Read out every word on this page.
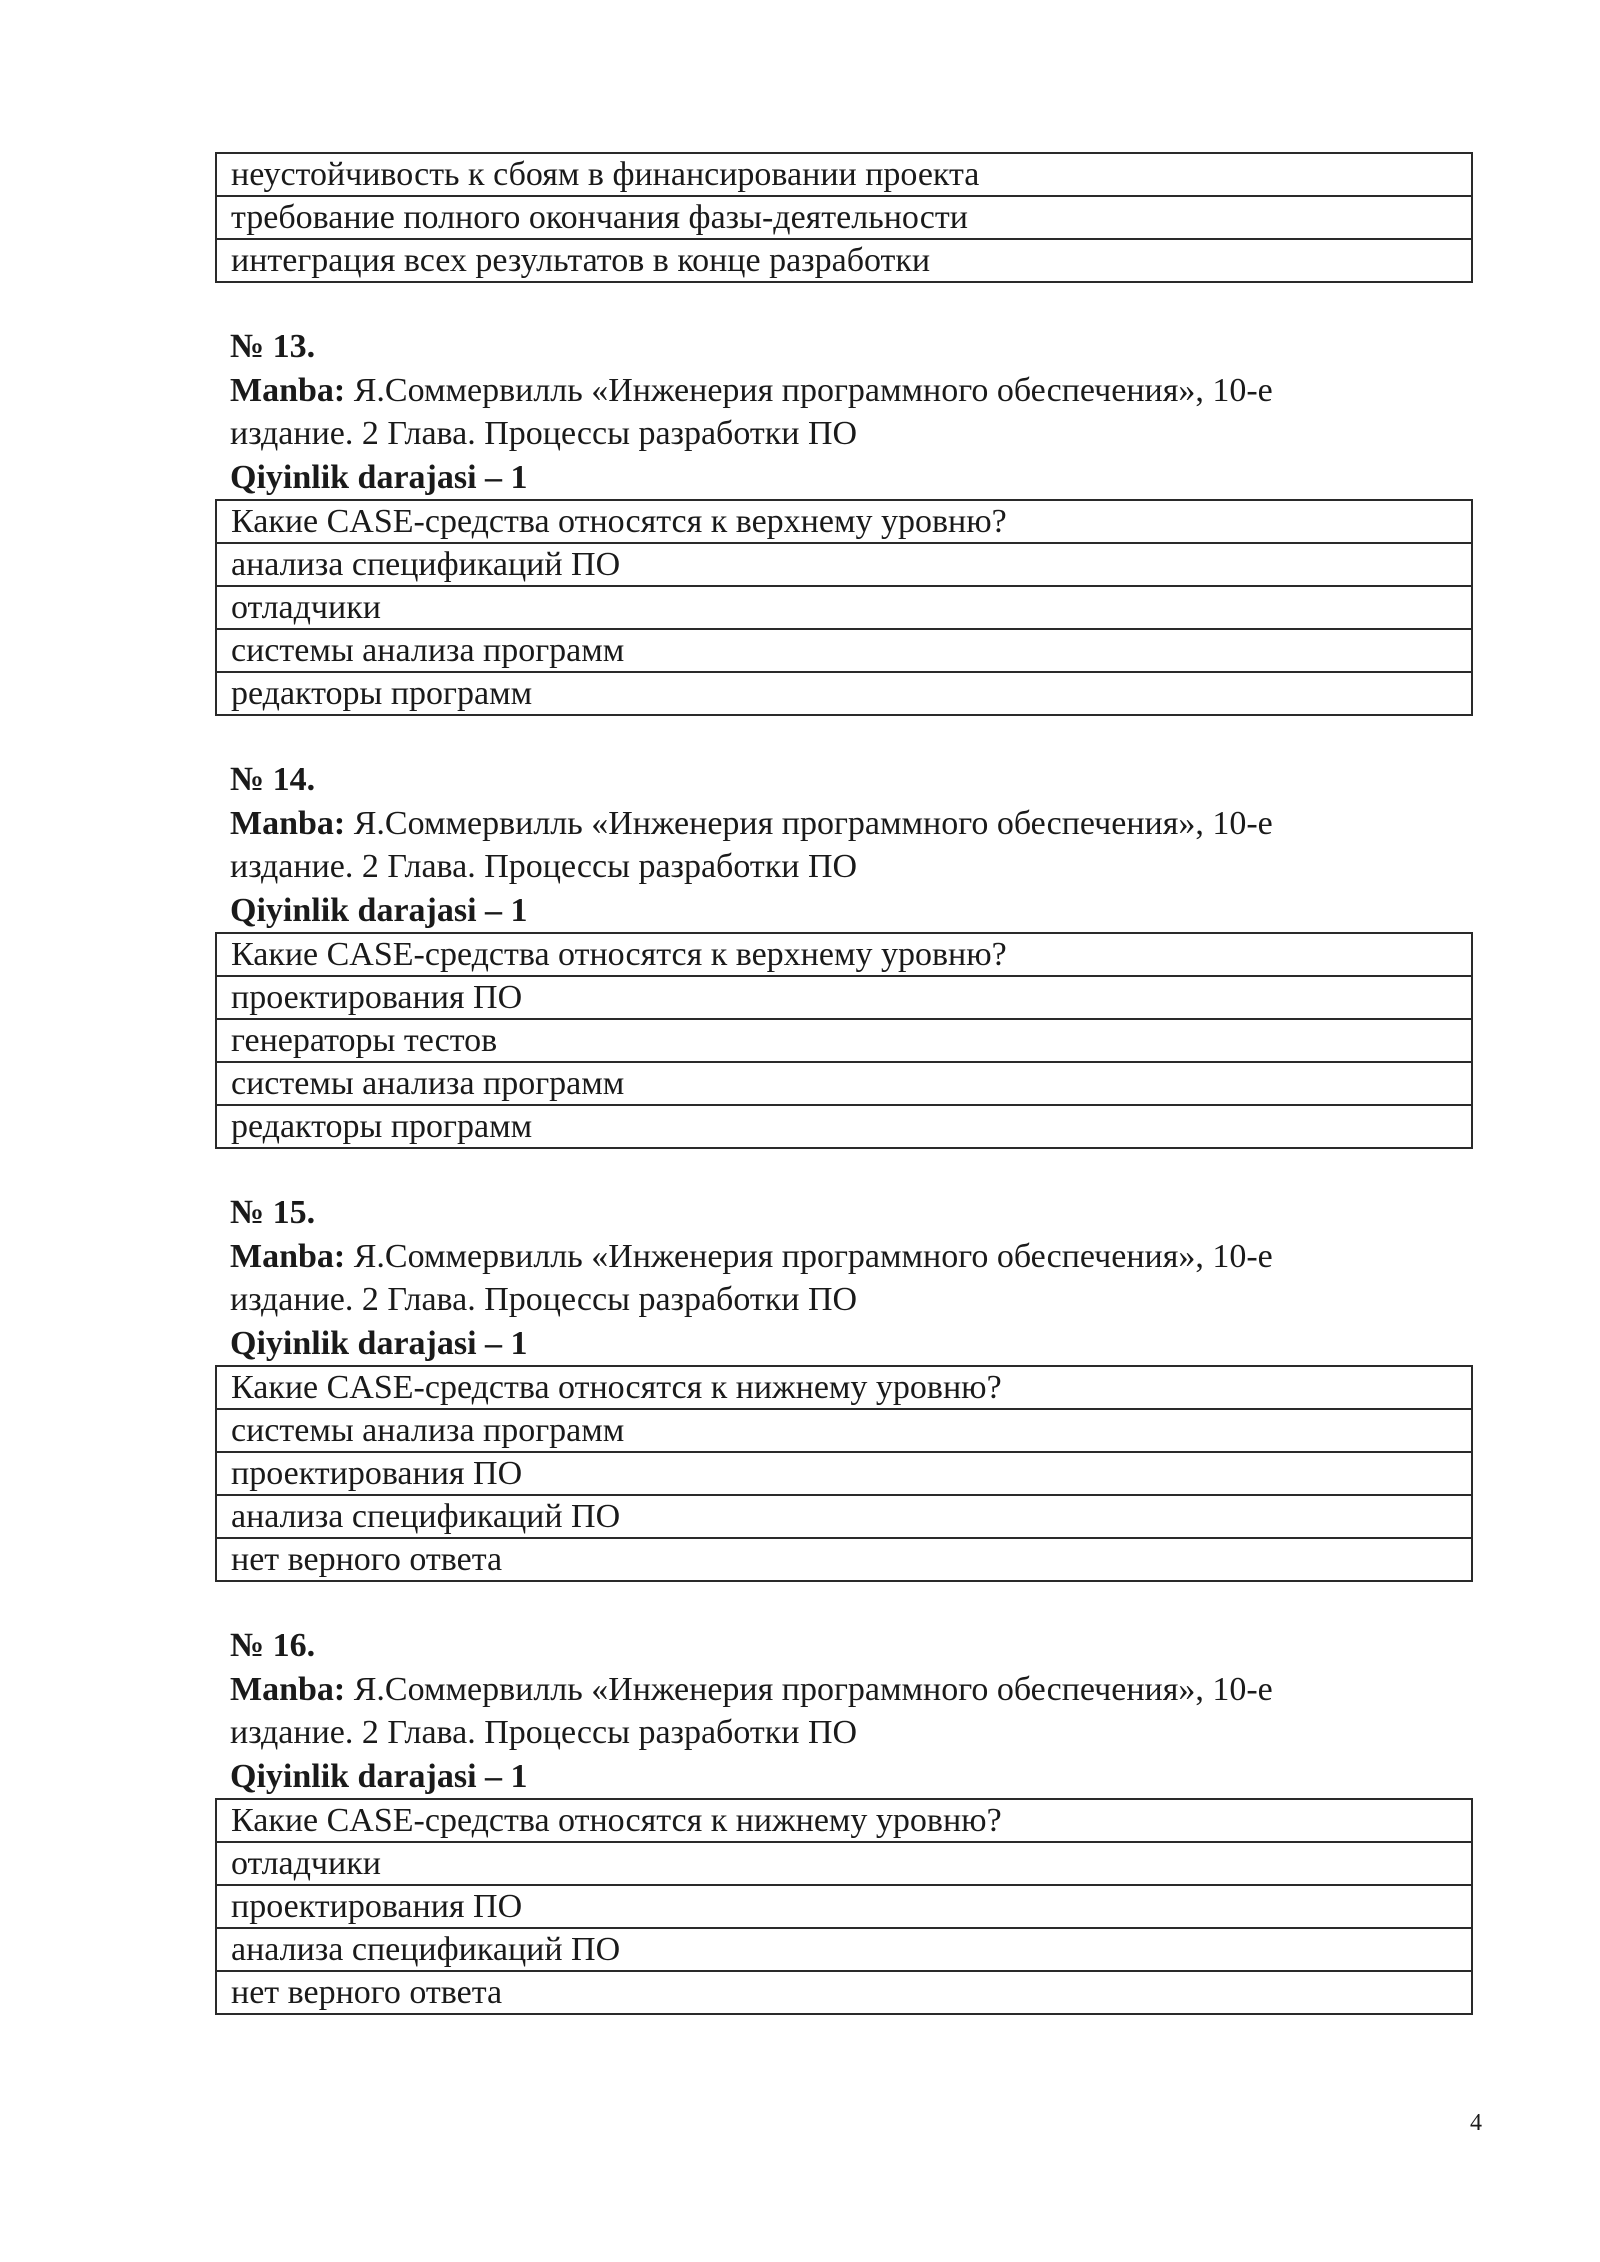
неустойчивость к сбоям в финансировании проекта
требование полного окончания фазы-деятельности
интеграция всех результатов в конце разработки
№ 13.
Manba: Я.Соммервилль «Инженерия программного обеспечения», 10-е
издание. 2 Глава. Процессы разработки ПО
Qiyinlik darajasi – 1
Какие CASE-средства относятся к верхнему уровню?
анализа спецификаций ПО
отладчики
системы анализа программ
редакторы программ
№ 14.
Manba: Я.Соммервилль «Инженерия программного обеспечения», 10-е
издание. 2 Глава. Процессы разработки ПО
Qiyinlik darajasi – 1
Какие CASE-средства относятся к верхнему уровню?
проектирования ПО
генераторы тестов
системы анализа программ
редакторы программ
№ 15.
Manba: Я.Соммервилль «Инженерия программного обеспечения», 10-е
издание. 2 Глава. Процессы разработки ПО
Qiyinlik darajasi – 1
Какие CASE-средства относятся к нижнему уровню?
системы анализа программ
проектирования ПО
анализа спецификаций ПО
нет верного ответа
№ 16.
Manba: Я.Соммервилль «Инженерия программного обеспечения», 10-е
издание. 2 Глава. Процессы разработки ПО
Qiyinlik darajasi – 1
Какие CASE-средства относятся к нижнему уровню?
отладчики
проектирования ПО
анализа спецификаций ПО
нет верного ответа
4
